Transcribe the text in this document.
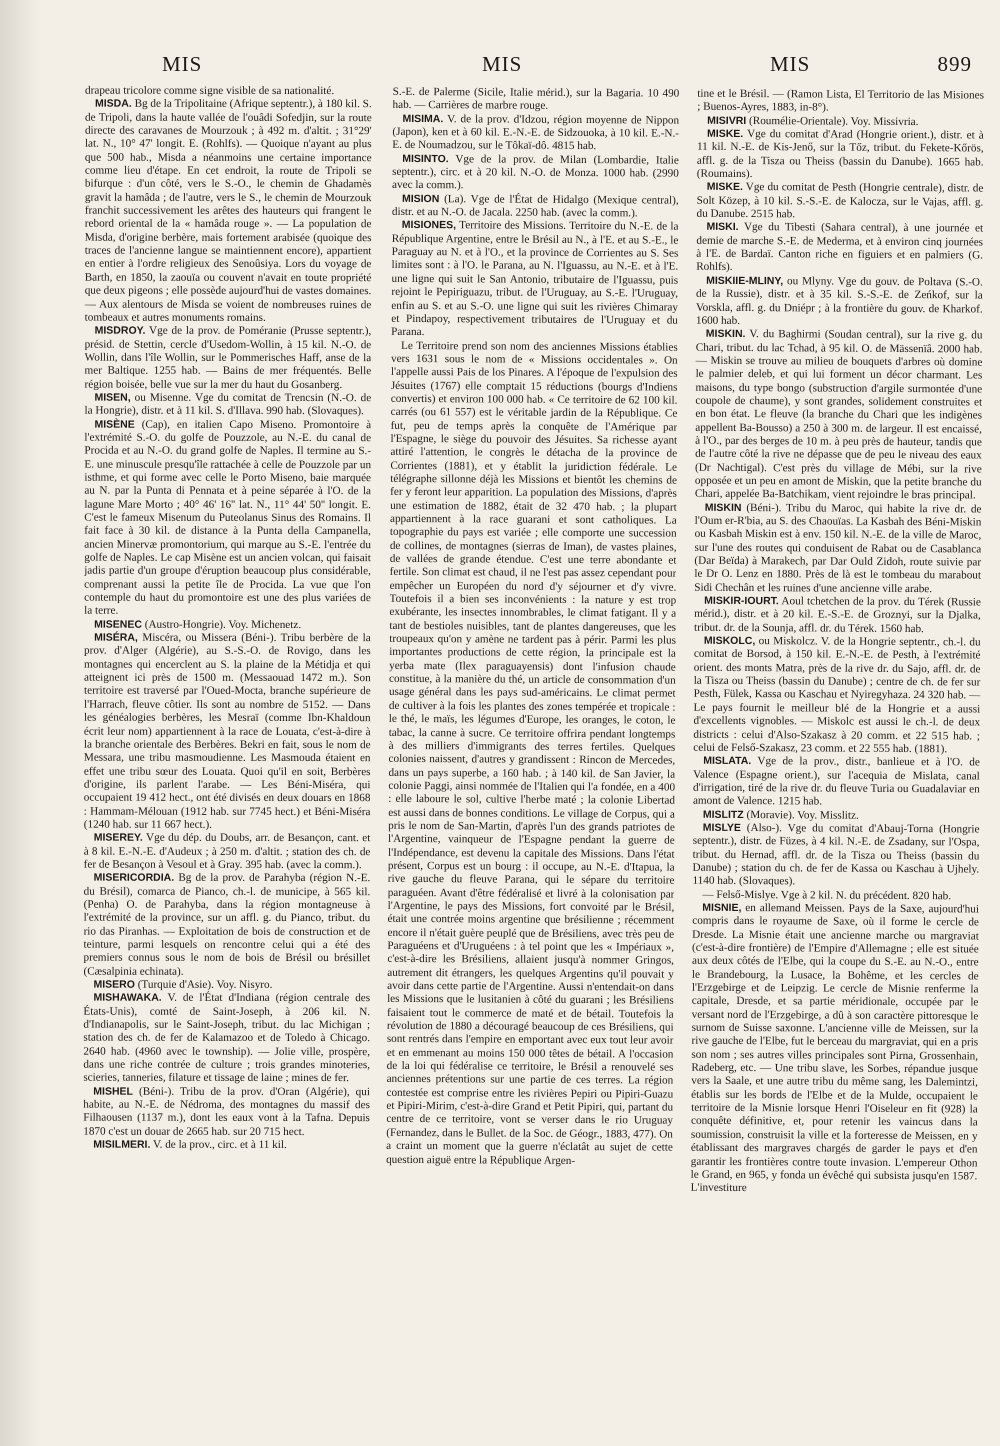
MIS	MIS	MIS	899

drapeau tricolore comme signe visible de sa nationalité.

MISDA. Bg de la Tripolitaine (Afrique septentr.), à 180 kil. S. de Tripoli, dans la haute vallée de l'ouâdi Sofedjin, sur la route directe des caravanes de Mourzouk ; à 492 m. d'altit. ; 31°29' lat. N., 10° 47' longit. E. (Rohlfs). — Quoique n'ayant au plus que 500 hab., Misda a néanmoins une certaine importance comme lieu d'étape. En cet endroit, la route de Tripoli se bifurque : d'un côté, vers le S.-O., le chemin de Ghadamès gravit la hamâda ; de l'autre, vers le S., le chemin de Mourzouk franchit successivement les arêtes des hauteurs qui frangent le rebord oriental de la « hamâda rouge ». — La population de Misda, d'origine berbère, mais fortement arabisée (quoique des traces de l'ancienne langue se maintiennent encore), appartient en entier à l'ordre religieux des Senoûsiya. Lors du voyage de Barth, en 1850, la zaouïa ou couvent n'avait en toute propriété que deux pigeons ; elle possède aujourd'hui de vastes domaines. — Aux alentours de Misda se voient de nombreuses ruines de tombeaux et autres monuments romains.

MISDROY. Vge de la prov. de Poméranie (Prusse septentr.), présid. de Stettin, cercle d'Usedom-Wollin, à 15 kil. N.-O. de Wollin, dans l'île Wollin, sur le Pommerisches Haff, anse de la mer Baltique. 1255 hab. — Bains de mer fréquentés. Belle région boisée, belle vue sur la mer du haut du Gosanberg.

MISEN, ou Misenne. Vge du comitat de Trencsin (N.-O. de la Hongrie), distr. et à 11 kil. S. d'Illava. 990 hab. (Slovaques).

MISÈNE (Cap), en italien Capo Miseno. Promontoire à l'extrémité S.-O. du golfe de Pouzzole, au N.-E. du canal de Procida et au N.-O. du grand golfe de Naples. Il termine au S.-E. une minuscule presqu'île rattachée à celle de Pouzzole par un isthme, et qui forme avec celle le Porto Miseno, baie marquée au N. par la Punta di Pennata et à peine séparée à l'O. de la lagune Mare Morto ; 40° 46' 16'' lat. N., 11° 44' 50'' longit. E. C'est le fameux Misenum du Puteolanus Sinus des Romains. Il fait face à 30 kil. de distance à la Punta della Campanella, ancien Minervæ promontorium, qui marque au S.-E. l'entrée du golfe de Naples. Le cap Misène est un ancien volcan, qui faisait jadis partie d'un groupe d'éruption beaucoup plus considérable, comprenant aussi la petite île de Procida. La vue que l'on contemple du haut du promontoire est une des plus variées de la terre.

MISENEC (Austro-Hongrie). Voy. Michenetz.

MISÉRA, Miscéra, ou Missera (Béni-). Tribu berbère de la prov. d'Alger (Algérie), au S.-S.-O. de Rovigo, dans les montagnes qui encerclent au S. la plaine de la Métidja et qui atteignent ici près de 1500 m. (Messaouad 1472 m.). Son territoire est traversé par l'Oued-Mocta, branche supérieure de l'Harrach, fleuve côtier. Ils sont au nombre de 5152. — Dans les généalogies berbères, les Mesraï (comme Ibn-Khaldoun écrit leur nom) appartiennent à la race de Louata, c'est-à-dire à la branche orientale des Berbères. Bekri en fait, sous le nom de Messara, une tribu masmoudienne. Les Masmouda étaient en effet une tribu sœur des Louata. Quoi qu'il en soit, Berbères d'origine, ils parlent l'arabe. — Les Béni-Miséra, qui occupaient 19 412 hect., ont été divisés en deux douars en 1868 : Hammam-Mélouan (1912 hab. sur 7745 hect.) et Béni-Miséra (1240 hab. sur 11 667 hect.).

MISEREY. Vge du dép. du Doubs, arr. de Besançon, cant. et à 8 kil. E.-N.-E. d'Audeux ; à 250 m. d'altit. ; station des ch. de fer de Besançon à Vesoul et à Gray. 395 hab. (avec la comm.).

MISERICORDIA. Bg de la prov. de Parahyba (région N.-E. du Brésil), comarca de Pianco, ch.-l. de municipe, à 565 kil. (Penha) O. de Parahyba, dans la région montagneuse à l'extrémité de la province, sur un affl. g. du Pianco, tribut. du rio das Piranhas. — Exploitation de bois de construction et de teinture, parmi lesquels on rencontre celui qui a été des premiers connus sous le nom de bois de Brésil ou brésillet (Cæsalpinia echinata).

MISERO (Turquie d'Asie). Voy. Nisyro.

MISHAWAKA. V. de l'État d'Indiana (région centrale des États-Unis), comté de Saint-Joseph, à 206 kil. N. d'Indianapolis, sur le Saint-Joseph, tribut. du lac Michigan ; station des ch. de fer de Kalamazoo et de Toledo à Chicago. 2640 hab. (4960 avec le township). — Jolie ville, prospère, dans une riche contrée de culture ; trois grandes minoteries, scieries, tanneries, filature et tissage de laine ; mines de fer.

MISHEL (Béni-). Tribu de la prov. d'Oran (Algérie), qui habite, au N.-E. de Nédroma, des montagnes du massif des Filhaousen (1137 m.), dont les eaux vont à la Tafna. Depuis 1870 c'est un douar de 2665 hab. sur 20 715 hect.

MISILMERI. V. de la prov., circ. et à 11 kil.

S.-E. de Palerme (Sicile, Italie mérid.), sur la Bagaria. 10 490 hab. — Carrières de marbre rouge.

MISIMA. V. de la prov. d'Idzou, région moyenne de Nippon (Japon), ken et à 60 kil. E.-N.-E. de Sidzouoka, à 10 kil. E.-N.-E. de Noumadzou, sur le Tôkaï-dô. 4815 hab.

MISINTO. Vge de la prov. de Milan (Lombardie, Italie septentr.), circ. et à 20 kil. N.-O. de Monza. 1000 hab. (2990 avec la comm.).

MISION (La). Vge de l'État de Hidalgo (Mexique central), distr. et au N.-O. de Jacala. 2250 hab. (avec la comm.).

MISIONES, Territoire des Missions. Territoire du N.-E. de la République Argentine, entre le Brésil au N., à l'E. et au S.-E., le Paraguay au N. et à l'O., et la province de Corrientes au S. Ses limites sont : à l'O. le Parana, au N. l'Iguassu, au N.-E. et à l'E. une ligne qui suit le San Antonio, tributaire de l'Iguassu, puis rejoint le Pepiriguazu, tribut. de l'Uruguay, au S.-E. l'Uruguay, enfin au S. et au S.-O. une ligne qui suit les rivières Chimaray et Pindapoy, respectivement tributaires de l'Uruguay et du Parana.

Le Territoire prend son nom des anciennes Missions établies vers 1631 sous le nom de « Missions occidentales ». On l'appelle aussi Pais de los Pinares. A l'époque de l'expulsion des Jésuites (1767) elle comptait 15 réductions (bourgs d'Indiens convertis) et environ 100 000 hab. « Ce territoire de 62 100 kil. carrés (ou 61 557) est le véritable jardin de la République. Ce fut, peu de temps après la conquête de l'Amérique par l'Espagne, le siège du pouvoir des Jésuites. Sa richesse ayant attiré l'attention, le congrès le détacha de la province de Corrientes (1881), et y établit la juridiction fédérale. Le télégraphe sillonne déjà les Missions et bientôt les chemins de fer y feront leur apparition. La population des Missions, d'après une estimation de 1882, était de 32 470 hab. ; la plupart appartiennent à la race guarani et sont catholiques. La topographie du pays est variée ; elle comporte une succession de collines, de montagnes (sierras de Iman), de vastes plaines, de vallées de grande étendue. C'est une terre abondante et fertile. Son climat est chaud, il ne l'est pas assez cependant pour empêcher un Européen du nord d'y séjourner et d'y vivre. Toutefois il a bien ses inconvénients : la nature y est trop exubérante, les insectes innombrables, le climat fatigant. Il y a tant de bestioles nuisibles, tant de plantes dangereuses, que les troupeaux qu'on y amène ne tardent pas à périr. Parmi les plus importantes productions de cette région, la principale est la yerba mate (Ilex paraguayensis) dont l'infusion chaude constitue, à la manière du thé, un article de consommation d'un usage général dans les pays sud-américains. Le climat permet de cultiver à la fois les plantes des zones tempérée et tropicale : le thé, le maïs, les légumes d'Europe, les oranges, le coton, le tabac, la canne à sucre. Ce territoire offrira pendant longtemps à des milliers d'immigrants des terres fertiles. Quelques colonies naissent, d'autres y grandissent : Rincon de Mercedes, dans un pays superbe, a 160 hab. ; à 140 kil. de San Javier, la colonie Paggi, ainsi nommée de l'Italien qui l'a fondée, en a 400 : elle laboure le sol, cultive l'herbe maté ; la colonie Libertad est aussi dans de bonnes conditions. Le village de Corpus, qui a pris le nom de San-Martin, d'après l'un des grands patriotes de l'Argentine, vainqueur de l'Espagne pendant la guerre de l'Indépendance, est devenu la capitale des Missions. Dans l'état présent, Corpus est un bourg : il occupe, au N.-E. d'Itapua, la rive gauche du fleuve Parana, qui le sépare du territoire paraguéen. Avant d'être fédéralisé et livré à la colonisation par l'Argentine, le pays des Missions, fort convoité par le Brésil, était une contrée moins argentine que brésilienne ; récemment encore il n'était guère peuplé que de Brésiliens, avec très peu de Paraguéens et d'Uruguéens : à tel point que les « Impériaux », c'est-à-dire les Brésiliens, allaient jusqu'à nommer Gringos, autrement dit étrangers, les quelques Argentins qu'il pouvait y avoir dans cette partie de l'Argentine. Aussi n'entendait-on dans les Missions que le lusitanien à côté du guarani ; les Brésiliens faisaient tout le commerce de maté et de bétail. Toutefois la révolution de 1880 a découragé beaucoup de ces Brésiliens, qui sont rentrés dans l'empire en emportant avec eux tout leur avoir et en emmenant au moins 150 000 têtes de bétail. A l'occasion de la loi qui fédéralise ce territoire, le Brésil a renouvelé ses anciennes prétentions sur une partie de ces terres. La région contestée est comprise entre les rivières Pepiri ou Pipiri-Guazu et Pipiri-Mirim, c'est-à-dire Grand et Petit Pipiri, qui, partant du centre de ce territoire, vont se verser dans le rio Uruguay (Fernandez, dans le Bullet. de la Soc. de Géogr., 1883, 477). On a craint un moment que la guerre n'éclatât au sujet de cette question aiguë entre la République Argen-

tine et le Brésil. — (Ramon Lista, El Territorio de las Misiones ; Buenos-Ayres, 1883, in-8°).

MISIVRI (Roumélie-Orientale). Voy. Missivria.

MISKE. Vge du comitat d'Arad (Hongrie orient.), distr. et à 11 kil. N.-E. de Kis-Jenő, sur la Tőz, tribut. du Fekete-Kőrös, affl. g. de la Tisza ou Theiss (bassin du Danube). 1665 hab. (Roumains).

MISKE. Vge du comitat de Pesth (Hongrie centrale), distr. de Solt Közep, à 10 kil. S.-S.-E. de Kalocza, sur le Vajas, affl. g. du Danube. 2515 hab.

MISKI. Vge du Tibesti (Sahara central), à une journée et demie de marche S.-E. de Mederma, et à environ cinq journées à l'E. de Bardaï. Canton riche en figuiers et en palmiers (G. Rohlfs).

MISKIIE-MLINY, ou Mlyny. Vge du gouv. de Poltava (S.-O. de la Russie), distr. et à 35 kil. S.-S.-E. de Zeńkof, sur la Vorskla, affl. g. du Dniépr ; à la frontière du gouv. de Kharkof. 1600 hab.

MISKIN. V. du Baghirmi (Soudan central), sur la rive g. du Chari, tribut. du lac Tchad, à 95 kil. O. de Mässenïâ. 2000 hab. — Miskin se trouve au milieu de bouquets d'arbres où domine le palmier deleb, et qui lui forment un décor charmant. Les maisons, du type bongo (substruction d'argile surmontée d'une coupole de chaume), y sont grandes, solidement construites et en bon état. Le fleuve (la branche du Chari que les indigènes appellent Ba-Bousso) a 250 à 300 m. de largeur. Il est encaissé, à l'O., par des berges de 10 m. à peu près de hauteur, tandis que de l'autre côté la rive ne dépasse que de peu le niveau des eaux (Dr Nachtigal). C'est près du village de Mébi, sur la rive opposée et un peu en amont de Miskin, que la petite branche du Chari, appelée Ba-Batchikam, vient rejoindre le bras principal.

MISKIN (Béni-). Tribu du Maroc, qui habite la rive dr. de l'Oum er-R'bia, au S. des Chaouïas. La Kasbah des Béni-Miskin ou Kasbah Miskin est à env. 150 kil. N.-E. de la ville de Maroc, sur l'une des routes qui conduisent de Rabat ou de Casablanca (Dar Beïda) à Marakech, par Dar Ould Zidoh, route suivie par le Dr O. Lenz en 1880. Près de là est le tombeau du marabout Sidi Chechân et les ruines d'une ancienne ville arabe.

MISKIR-IOURT. Aoul tchetchen de la prov. du Térek (Russie mérid.), distr. et à 20 kil. E.-S.-E. de Groznyi, sur la Djalka, tribut. dr. de la Sounja, affl. dr. du Térek. 1560 hab.

MISKOLC, ou Miskolcz. V. de la Hongrie septentr., ch.-l. du comitat de Borsod, à 150 kil. E.-N.-E. de Pesth, à l'extrémité orient. des monts Matra, près de la rive dr. du Sajo, affl. dr. de la Tisza ou Theiss (bassin du Danube) ; centre de ch. de fer sur Pesth, Fülek, Kassa ou Kaschau et Nyiregyhaza. 24 320 hab. — Le pays fournit le meilleur blé de la Hongrie et a aussi d'excellents vignobles. — Miskolc est aussi le ch.-l. de deux districts : celui d'Also-Szakasz à 20 comm. et 22 515 hab. ; celui de Felső-Szakasz, 23 comm. et 22 555 hab. (1881).

MISLATA. Vge de la prov., distr., banlieue et à l'O. de Valence (Espagne orient.), sur l'acequia de Mislata, canal d'irrigation, tiré de la rive dr. du fleuve Turia ou Guadalaviar en amont de Valence. 1215 hab.

MISLITZ (Moravie). Voy. Misslitz.

MISLYE (Also-). Vge du comitat d'Abauj-Torna (Hongrie septentr.), distr. de Füzes, à 4 kil. N.-E. de Zsadany, sur l'Ospa, tribut. du Hernad, affl. dr. de la Tisza ou Theiss (bassin du Danube) ; station du ch. de fer de Kassa ou Kaschau à Ujhely. 1140 hab. (Slovaques).

— Felső-Mislye. Vge à 2 kil. N. du précédent. 820 hab.

MISNIE, en allemand Meissen. Pays de la Saxe, aujourd'hui compris dans le royaume de Saxe, où il forme le cercle de Dresde. La Misnie était une ancienne marche ou margraviat (c'est-à-dire frontière) de l'Empire d'Allemagne ; elle est située aux deux côtés de l'Elbe, qui la coupe du S.-E. au N.-O., entre le Brandebourg, la Lusace, la Bohême, et les cercles de l'Erzgebirge et de Leipzig. Le cercle de Misnie renferme la capitale, Dresde, et sa partie méridionale, occupée par le versant nord de l'Erzgebirge, a dû à son caractère pittoresque le surnom de Suisse saxonne. L'ancienne ville de Meissen, sur la rive gauche de l'Elbe, fut le berceau du margraviat, qui en a pris son nom ; ses autres villes principales sont Pirna, Grossenhain, Radeberg, etc. — Une tribu slave, les Sorbes, répandue jusque vers la Saale, et une autre tribu du même sang, les Dalemintzi, établis sur les bords de l'Elbe et de la Mulde, occupaient le territoire de la Misnie lorsque Henri l'Oiseleur en fit (928) la conquête définitive, et, pour retenir les vaincus dans la soumission, construisit la ville et la forteresse de Meissen, en y établissant des margraves chargés de garder le pays et d'en garantir les frontières contre toute invasion. L'empereur Othon le Grand, en 965, y fonda un évêché qui subsista jusqu'en 1587. L'investiture
